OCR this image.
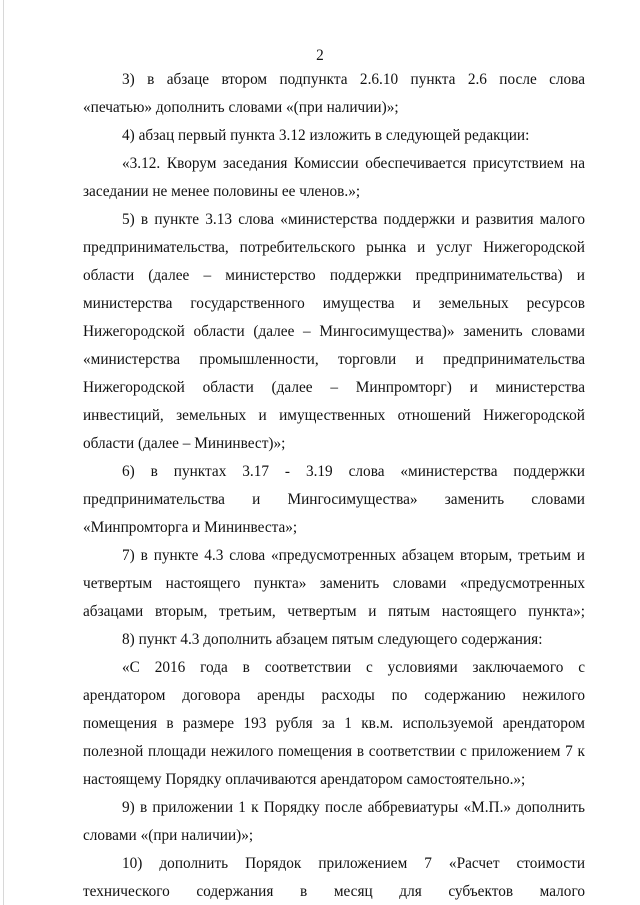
2
3) в абзаце втором подпункта 2.6.10 пункта 2.6 после слова
«печатью» дополнить словами «(при наличии)»;
4) абзац первый пункта 3.12 изложить в следующей редакции:
«3.12. Кворум заседания Комиссии обеспечивается присутствием на
заседании не менее половины ее членов.»;
5) в пункте 3.13 слова «министерства поддержки и развития малого
предпринимательства, потребительского рынка и услуг Нижегородской
области (далее – министерство поддержки предпринимательства) и
министерства государственного имущества и земельных ресурсов
Нижегородской области (далее – Мингосимущества)» заменить словами
«министерства промышленности, торговли и предпринимательства
Нижегородской области (далее – Минпромторг) и министерства
инвестиций, земельных и имущественных отношений Нижегородской
области (далее – Мининвест)»;
6) в пунктах 3.17 - 3.19 слова «министерства поддержки
предпринимательства и Мингосимущества» заменить словами
«Минпромторга и Мининвеста»;
7) в пункте 4.3 слова «предусмотренных абзацем вторым, третьим и
четвертым настоящего пункта» заменить словами «предусмотренных
абзацами вторым, третьим, четвертым и пятым настоящего пункта»;
8) пункт 4.3 дополнить абзацем пятым следующего содержания:
«С 2016 года в соответствии с условиями заключаемого с
арендатором договора аренды расходы по содержанию нежилого
помещения в размере 193 рубля за 1 кв.м. используемой арендатором
полезной площади нежилого помещения в соответствии с приложением 7 к
настоящему Порядку оплачиваются арендатором самостоятельно.»;
9) в приложении 1 к Порядку после аббревиатуры «М.П.» дополнить
словами «(при наличии)»;
10) дополнить Порядок приложением 7 «Расчет стоимости
технического содержания в месяц для субъектов малого
